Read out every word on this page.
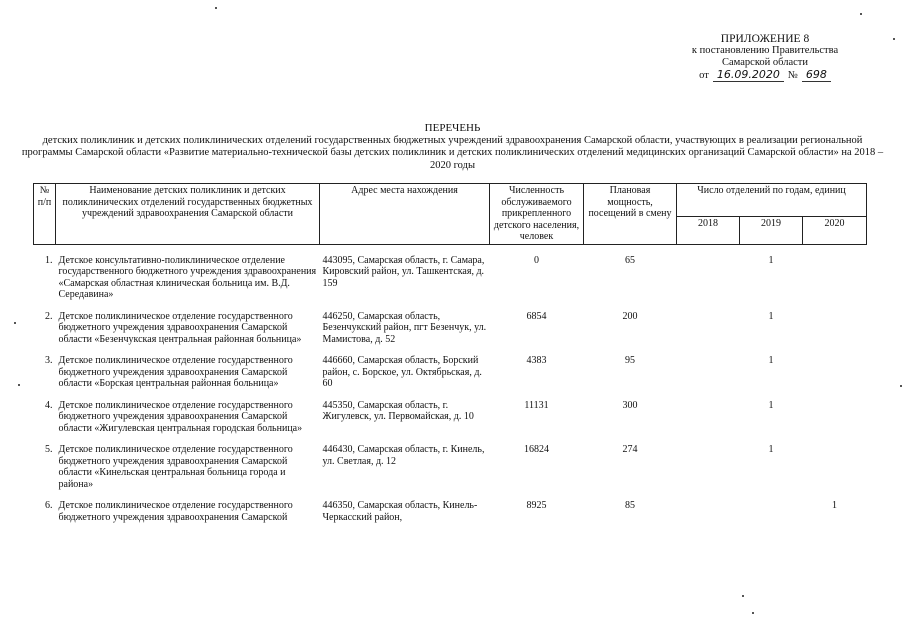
ПРИЛОЖЕНИЕ 8
к постановлению Правительства
Самарской области
от 16.09.2020 № 698
ПЕРЕЧЕНЬ
детских поликлиник и детских поликлинических отделений государственных бюджетных учреждений здравоохранения Самарской области, участвующих в реализации региональной программы Самарской области «Развитие материально-технической базы детских поликлиник и детских поликлинических отделений медицинских организаций Самарской области» на 2018 – 2020 годы
№ п/п	Наименование детских поликлиник и детских поликлинических отделений государственных бюджетных учреждений здравоохранения Самарской области	Адрес места нахождения	Численность обслуживаемого прикрепленного детского населения, человек	Плановая мощность, посещений в смену	Число отделений по годам, единиц		
					2018	2019	2020

1.	Детское консультативно-поликлиническое отделение государственного бюджетного учреждения здравоохранения «Самарская областная клиническая больница им. В.Д. Середавина»	443095, Самарская область, г. Самара, Кировский район, ул. Ташкентская, д. 159	0	65		1	

2.	Детское поликлиническое отделение государственного бюджетного учреждения здравоохранения Самарской области «Безенчукская центральная районная больница»	446250, Самарская область, Безенчукский район, пгт Безенчук, ул. Мамистова, д. 52	6854	200		1	

3.	Детское поликлиническое отделение государственного бюджетного учреждения здравоохранения Самарской области «Борская центральная районная больница»	446660, Самарская область, Борский район, с. Борское, ул. Октябрьская, д. 60	4383	95		1	

4.	Детское поликлиническое отделение государственного бюджетного учреждения здравоохранения Самарской области «Жигулевская центральная городская больница»	445350, Самарская область, г. Жигулевск, ул. Первомайская, д. 10	11131	300		1	

5.	Детское поликлиническое отделение государственного бюджетного учреждения здравоохранения Самарской области «Кинельская центральная больница города и района»	446430, Самарская область, г. Кинель, ул. Светлая, д. 12	16824	274		1	

6.	Детское поликлиническое отделение государственного бюджетного учреждения здравоохранения Самарской	446350, Самарская область, Кинель-Черкасский район,	8925	85			1
